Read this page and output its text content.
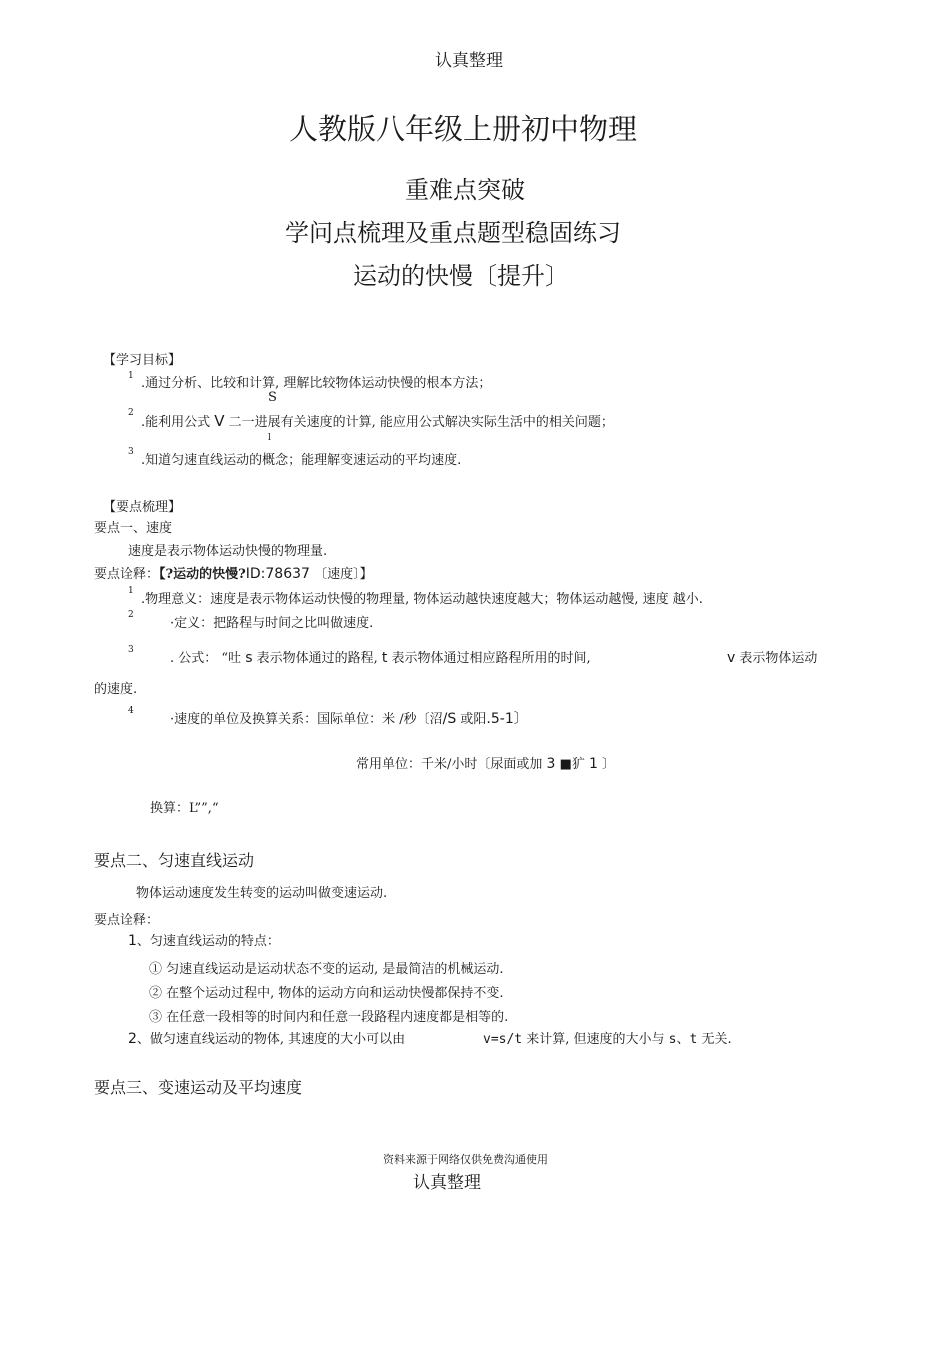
认真整理
人教版八年级上册初中物理
重难点突破
学问点梳理及重点题型稳固练习
运动的快慢〔提升〕
【学习目标】
1 .通过分析、比较和计算, 理解比较物体运动快慢的根本方法；
S
2
.能利用公式 V 二一进展有关速度的计算, 能应用公式解决实际生活中的相关问题；
l
3
.知道匀速直线运动的概念；能理解变速运动的平均速度.
【要点梳理】
要点一、速度
速度是表示物体运动快慢的物理量.
要点诠释：【?运动的快慢?ID:78637 〔速度〕】
1
.物理意义：速度是表示物体运动快慢的物理量, 物体运动越快速度越大；物体运动越慢, 速度 越小.
2
·定义：把路程与时间之比叫做速度.
3
. 公式： “吐 s 表示物体通过的路程, t 表示物体通过相应路程所用的时间,	v 表示物体运动
的速度.
4
·速度的单位及换算关系：国际单位：米 /秒〔沼/S 或阳.5-1〕
常用单位：千米/小时〔尿面或加 3 ■犷 1 〕
换算：L””,“
要点二、匀速直线运动
物体运动速度发生转变的运动叫做变速运动.
要点诠释：
1、匀速直线运动的特点：
① 匀速直线运动是运动状态不变的运动, 是最简洁的机械运动.
② 在整个运动过程中, 物体的运动方向和运动快慢都保持不变.
③ 在任意一段相等的时间内和任意一段路程内速度都是相等的.
2、做匀速直线运动的物体, 其速度的大小可以由	v=s/t 来计算, 但速度的大小与 s、t 无关.
要点三、变速运动及平均速度
资料来源于网络仅供免费沟通使用
认真整理
